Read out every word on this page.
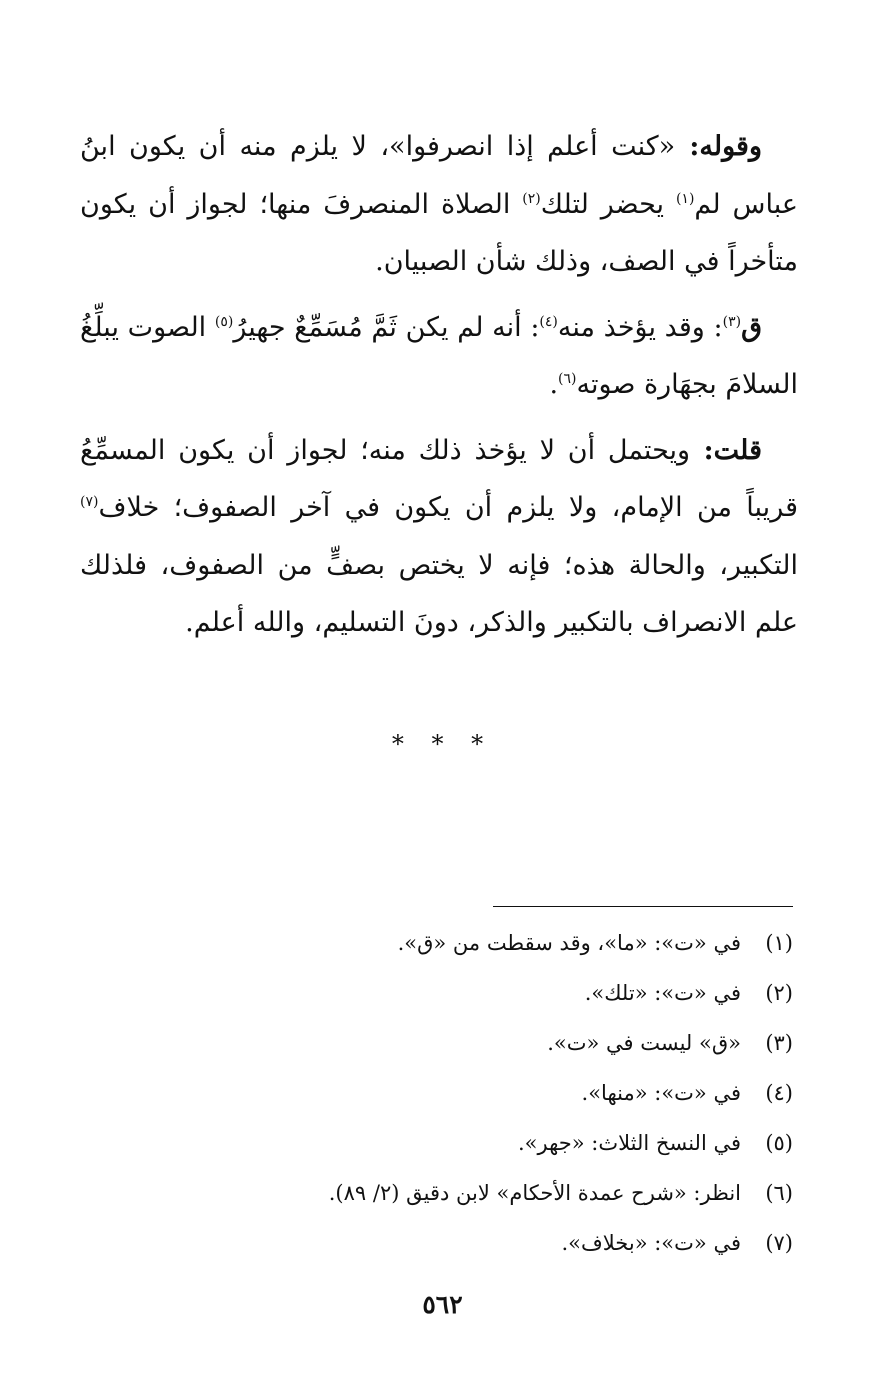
وقوله: «كنت أعلم إذا انصرفوا»، لا يلزم منه أن يكون ابنُ عباس لم$^{(١)}$ يحضر لتلك$^{(٢)}$ الصلاة المنصرفَ منها؛ لجواز أن يكون متأخراً في الصف، وذلك شأن الصبيان.

ق$^{(٣)}$: وقد يؤخذ منه$^{(٤)}$: أنه لم يكن ثَمَّ مُسَمِّعٌ جهيرُ$^{(٥)}$ الصوت يبلِّغُ السلامَ بجهَارة صوته$^{(٦)}$.

قلت: ويحتمل أن لا يؤخذ ذلك منه؛ لجواز أن يكون المسمِّعُ قريباً من الإمام، ولا يلزم أن يكون في آخر الصفوف؛ خلاف$^{(٧)}$ التكبير، والحالة هذه؛ فإنه لا يختص بصفٍّ من الصفوف، فلذلك علم الانصراف بالتكبير والذكر، دونَ التسليم، والله أعلم.

* * *
(١)
في «ت»: «ما»، وقد سقطت من «ق».
(٢)
في «ت»: «تلك».
(٣)
«ق» ليست في «ت».
(٤)
في «ت»: «منها».
(٥)
في النسخ الثلاث: «جهر».
(٦)
انظر: «شرح عمدة الأحكام» لابن دقيق (٢/ ٨٩).
(٧)
في «ت»: «بخلاف».
٥٦٢
